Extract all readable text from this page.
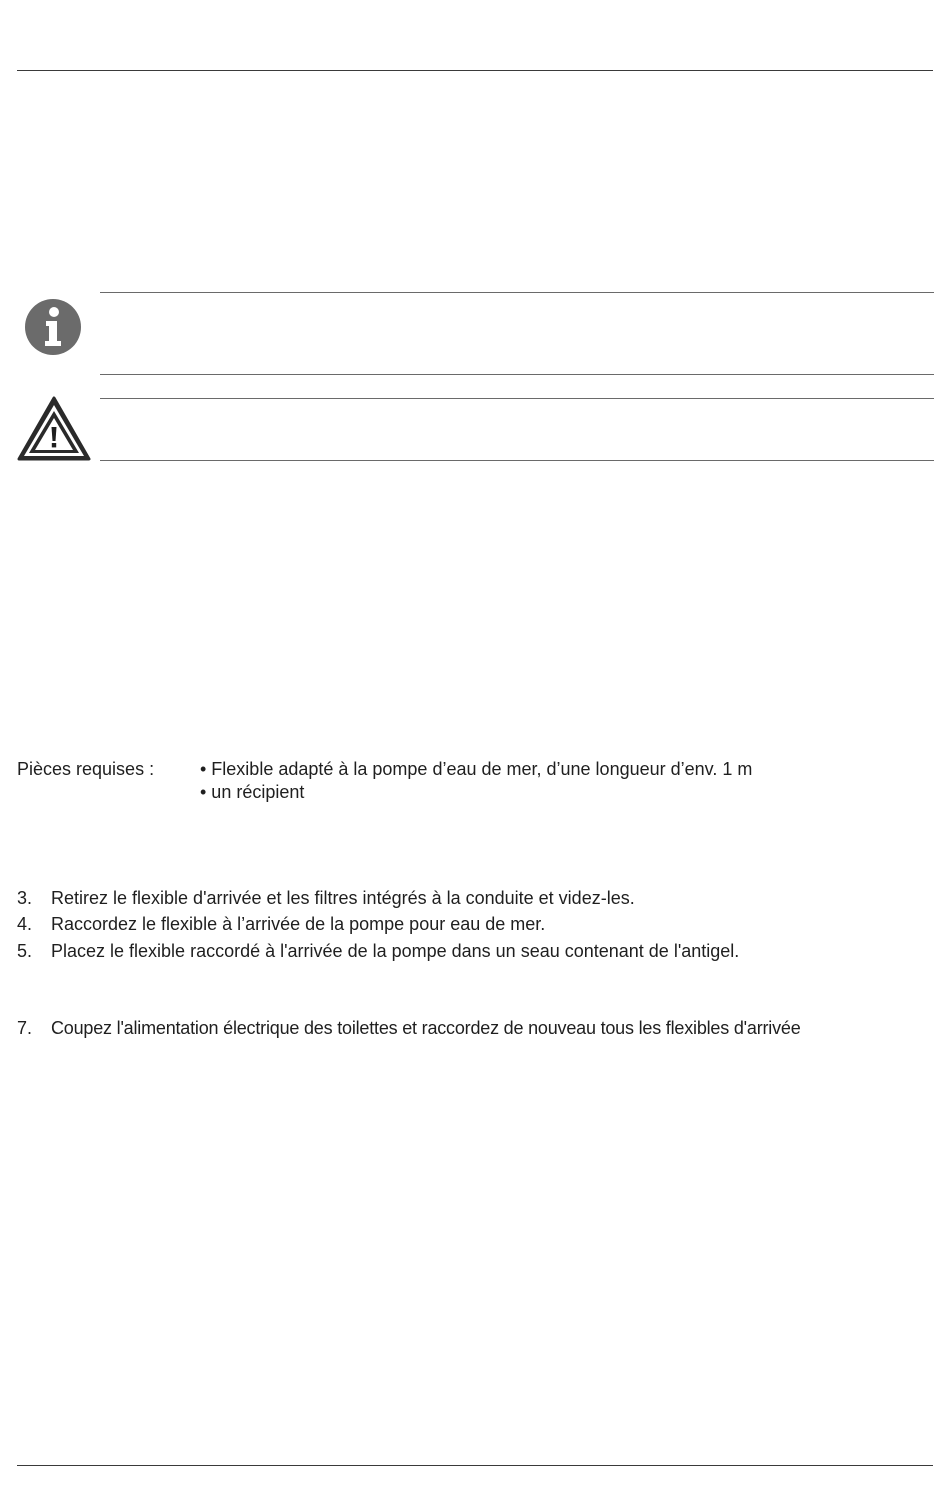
Pièces requises :	• Flexible adapté à la pompe d’eau de mer, d’une longueur d’env. 1 m
• un récipient
3. Retirez le flexible d'arrivée et les filtres intégrés à la conduite et videz-les.
4. Raccordez le flexible à l’arrivée de la pompe pour eau de mer.
5. Placez le flexible raccordé à l'arrivée de la pompe dans un seau contenant de l'antigel.
7. Coupez l'alimentation électrique des toilettes et raccordez de nouveau tous les flexibles d'arrivée
